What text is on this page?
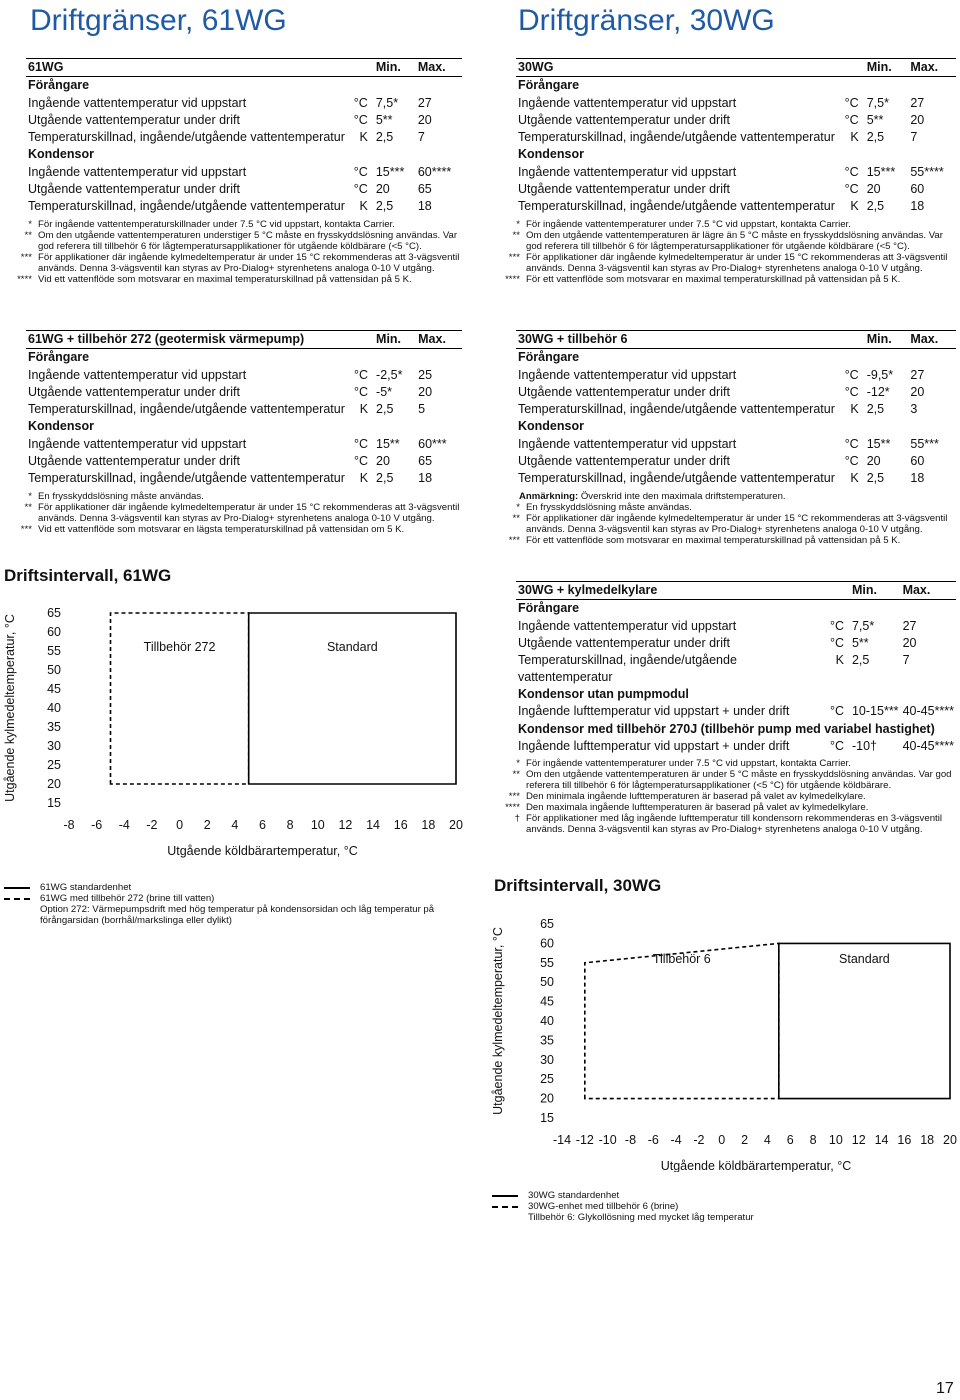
Driftgränser, 61WG	Driftgränser, 30WG
61WG		Min.	Max.
Förångare			
Ingående vattentemperatur vid uppstart	°C	7,5*	27
Utgående vattentemperatur under drift	°C	5**	20
Temperaturskillnad, ingående/utgående vattentemperatur	K	2,5	7
Kondensor			
Ingående vattentemperatur vid uppstart	°C	15***	60****
Utgående vattentemperatur under drift	°C	20	65
Temperaturskillnad, ingående/utgående vattentemperatur	K	2,5	18
* För ingående vattentemperaturskillnader under 7.5 °C vid uppstart, kontakta Carrier.
** Om den utgående vattentemperaturen understiger 5 °C måste en frysskyddslösning användas. Var god referera till tillbehör 6 för lågtemperatursapplikationer för utgående köldbärare (<5 °C).
*** För applikationer där ingående kylmedeltemperatur är under 15 °C rekommenderas att 3-vägsventil används. Denna 3-vägsventil kan styras av Pro-Dialog+ styrenhetens analoga 0-10 V utgång.
**** Vid ett vattenflöde som motsvarar en maximal temperaturskillnad på vattensidan på 5 K.
61WG + tillbehör 272 (geotermisk värmepump)		Min.	Max.
Förångare			
Ingående vattentemperatur vid uppstart	°C	-2,5*	25
Utgående vattentemperatur under drift	°C	-5*	20
Temperaturskillnad, ingående/utgående vattentemperatur	K	2,5	5
Kondensor			
Ingående vattentemperatur vid uppstart	°C	15**	60***
Utgående vattentemperatur under drift	°C	20	65
Temperaturskillnad, ingående/utgående vattentemperatur	K	2,5	18
* En frysskyddslösning måste användas.
** För applikationer där ingående kylmedeltemperatur är under 15 °C rekommenderas att 3-vägsventil används. Denna 3-vägsventil kan styras av Pro-Dialog+ styrenhetens analoga 0-10 V utgång.
*** Vid ett vattenflöde som motsvarar en lägsta temperaturskillnad på vattensidan om 5 K.
30WG		Min.	Max.
Förångare			
Ingående vattentemperatur vid uppstart	°C	7,5*	27
Utgående vattentemperatur under drift	°C	5**	20
Temperaturskillnad, ingående/utgående vattentemperatur	K	2,5	7
Kondensor			
Ingående vattentemperatur vid uppstart	°C	15***	55****
Utgående vattentemperatur under drift	°C	20	60
Temperaturskillnad, ingående/utgående vattentemperatur	K	2,5	18
* För ingående vattentemperaturer under 7.5 °C vid uppstart, kontakta Carrier.
** Om den utgående vattentemperaturen är lägre än 5 °C måste en frysskyddslösning användas. Var god referera till tillbehör 6 för lågtemperatursapplikationer för utgående köldbärare (<5 °C).
*** För applikationer där ingående kylmedeltemperatur är under 15 °C rekommenderas att 3-vägsventil används. Denna 3-vägsventil kan styras av Pro-Dialog+ styrenhetens analoga 0-10 V utgång.
**** För ett vattenflöde som motsvarar en maximal temperaturskillnad på vattensidan på 5 K.
30WG + tillbehör 6		Min.	Max.
Förångare			
Ingående vattentemperatur vid uppstart	°C	-9,5*	27
Utgående vattentemperatur under drift	°C	-12*	20
Temperaturskillnad, ingående/utgående vattentemperatur	K	2,5	3
Kondensor			
Ingående vattentemperatur vid uppstart	°C	15**	55***
Utgående vattentemperatur under drift	°C	20	60
Temperaturskillnad, ingående/utgående vattentemperatur	K	2,5	18
Anmärkning: Överskrid inte den maximala driftstemperaturen.
* En frysskyddslösning måste användas.
** För applikationer där ingående kylmedeltemperatur är under 15 °C rekommenderas att 3-vägsventil används. Denna 3-vägsventil kan styras av Pro-Dialog+ styrenhetens analoga 0-10 V utgång.
*** För ett vattenflöde som motsvarar en maximal temperaturskillnad på vattensidan på 5 K.
30WG + kylmedelkylare		Min.	Max.
Förångare			
Ingående vattentemperatur vid uppstart	°C	7,5*	27
Utgående vattentemperatur under drift	°C	5**	20
Temperaturskillnad, ingående/utgående vattentemperatur	K	2,5	7
Kondensor utan pumpmodul			
Ingående lufttemperatur vid uppstart + under drift	°C	10-15***	40-45****
Kondensor med tillbehör 270J (tillbehör pump med variabel hastighet)			
Ingående lufttemperatur vid uppstart + under drift	°C	-10†	40-45****
* För ingående vattentemperaturer under 7.5 °C vid uppstart, kontakta Carrier.
** Om den utgående vattentemperaturen är under 5 °C måste en frysskyddslösning användas. Var god referera till tillbehör 6 för lågtemperatursapplikationer (<5 °C) för utgående köldbärare.
*** Den minimala ingående lufttemperaturen är baserad på valet av kylmedelkylare.
**** Den maximala ingående lufttemperaturen är baserad på valet av kylmedelkylare.
† För applikationer med låg ingående lufttemperatur till kondensorn rekommenderas en 3-vägsventil används. Denna 3-vägsventil kan styras av Pro-Dialog+ styrenhetens analoga 0-10 V utgång.
Driftsintervall, 61WG
65
60
55
50
45
40
35
30
25
20
15
-8 -6 -4 -2 0 2 4 6 8 10 12 14 16 18 20
Standard
Tillbehör 272
Utgående köldbärartemperatur, °C
Utgående kylmedeltemperatur, °C
Driftsintervall, 30WG
65
60
55
50
45
40
35
30
25
20
15
-14 -12 -10 -8 -6 -4 -2 0 2 4 6 8 10 12 14 16 18 20
Standard
Tillbehör 6
Utgående köldbärartemperatur, °C
Utgående kylmedeltemperatur, °C
61WG standardenhet
61WG med tillbehör 272 (brine till vatten)
Option 272: Värmepumpsdrift med hög temperatur på kondensorsidan och låg temperatur på förångarsidan (borrhål/markslinga eller dylikt)
30WG standardenhet
30WG-enhet med tillbehör 6 (brine)
Tillbehör 6: Glykollösning med mycket låg temperatur
17
